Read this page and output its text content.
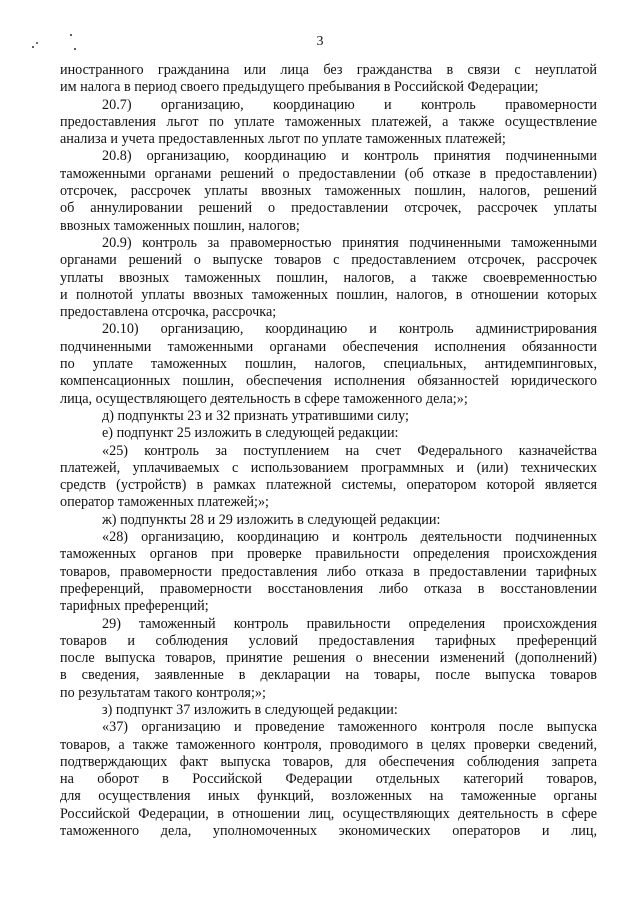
3
иностранного гражданина или лица без гражданства в связи с неуплатой
им налога в период своего предыдущего пребывания в Российской Федерации;
20.7) организацию, координацию и контроль правомерности
предоставления льгот по уплате таможенных платежей, а также осуществление
анализа и учета предоставленных льгот по уплате таможенных платежей;
20.8) организацию, координацию и контроль принятия подчиненными
таможенными органами решений о предоставлении (об отказе в предоставлении)
отсрочек, рассрочек уплаты ввозных таможенных пошлин, налогов, решений
об аннулировании решений о предоставлении отсрочек, рассрочек уплаты
ввозных таможенных пошлин, налогов;
20.9) контроль за правомерностью принятия подчиненными таможенными
органами решений о выпуске товаров с предоставлением отсрочек, рассрочек
уплаты ввозных таможенных пошлин, налогов, а также своевременностью
и полнотой уплаты ввозных таможенных пошлин, налогов, в отношении которых
предоставлена отсрочка, рассрочка;
20.10) организацию, координацию и контроль администрирования
подчиненными таможенными органами обеспечения исполнения обязанности
по уплате таможенных пошлин, налогов, специальных, антидемпинговых,
компенсационных пошлин, обеспечения исполнения обязанностей юридического
лица, осуществляющего деятельность в сфере таможенного дела;»;
д) подпункты 23 и 32 признать утратившими силу;
е) подпункт 25 изложить в следующей редакции:
«25) контроль за поступлением на счет Федерального казначейства
платежей, уплачиваемых с использованием программных и (или) технических
средств (устройств) в рамках платежной системы, оператором которой является
оператор таможенных платежей;»;
ж) подпункты 28 и 29 изложить в следующей редакции:
«28) организацию, координацию и контроль деятельности подчиненных
таможенных органов при проверке правильности определения происхождения
товаров, правомерности предоставления либо отказа в предоставлении тарифных
преференций, правомерности восстановления либо отказа в восстановлении
тарифных преференций;
29) таможенный контроль правильности определения происхождения
товаров и соблюдения условий предоставления тарифных преференций
после выпуска товаров, принятие решения о внесении изменений (дополнений)
в сведения, заявленные в декларации на товары, после выпуска товаров
по результатам такого контроля;»;
з) подпункт 37 изложить в следующей редакции:
«37) организацию и проведение таможенного контроля после выпуска
товаров, а также таможенного контроля, проводимого в целях проверки сведений,
подтверждающих факт выпуска товаров, для обеспечения соблюдения запрета
на оборот в Российской Федерации отдельных категорий товаров,
для осуществления иных функций, возложенных на таможенные органы
Российской Федерации, в отношении лиц, осуществляющих деятельность в сфере
таможенного дела, уполномоченных экономических операторов и лиц,
